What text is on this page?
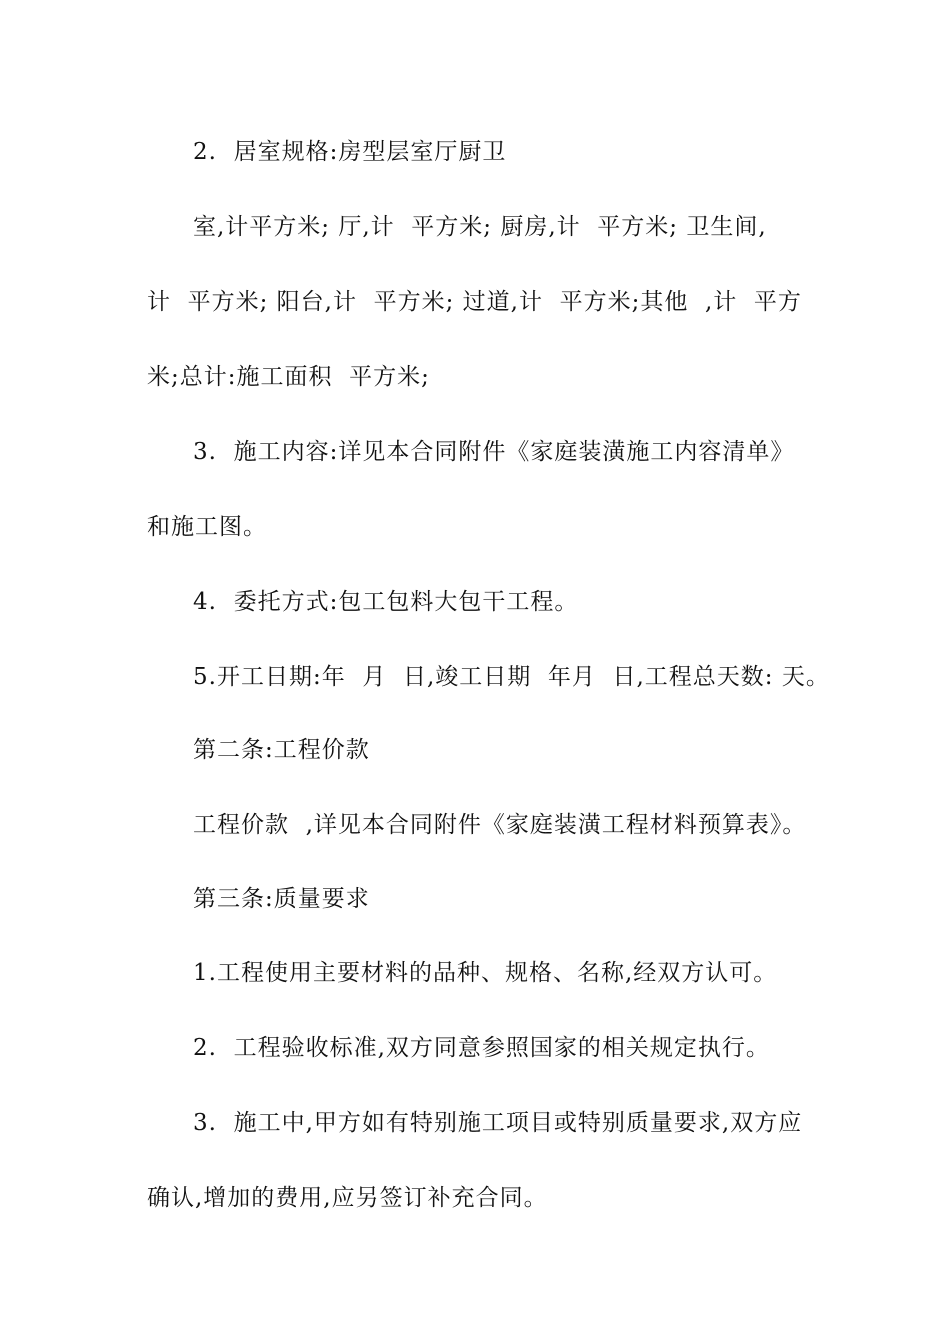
2.  居室规格:房型层室厅厨卫
室,计平方米; 厅,计  平方米; 厨房,计  平方米; 卫生间,
计  平方米; 阳台,计  平方米; 过道,计  平方米;其他  ,计  平方
米;总计:施工面积  平方米;
3.  施工内容:详见本合同附件《家庭装潢施工内容清单》
和施工图。
4.  委托方式:包工包料大包干工程。
5.开工日期:年  月  日,竣工日期  年月  日,工程总天数: 天。
第二条:工程价款
工程价款  ,详见本合同附件《家庭装潢工程材料预算表》。
第三条:质量要求
1.工程使用主要材料的品种、规格、名称,经双方认可。
2.  工程验收标准,双方同意参照国家的相关规定执行。
3.  施工中,甲方如有特别施工项目或特别质量要求,双方应
确认,增加的费用,应另签订补充合同。
